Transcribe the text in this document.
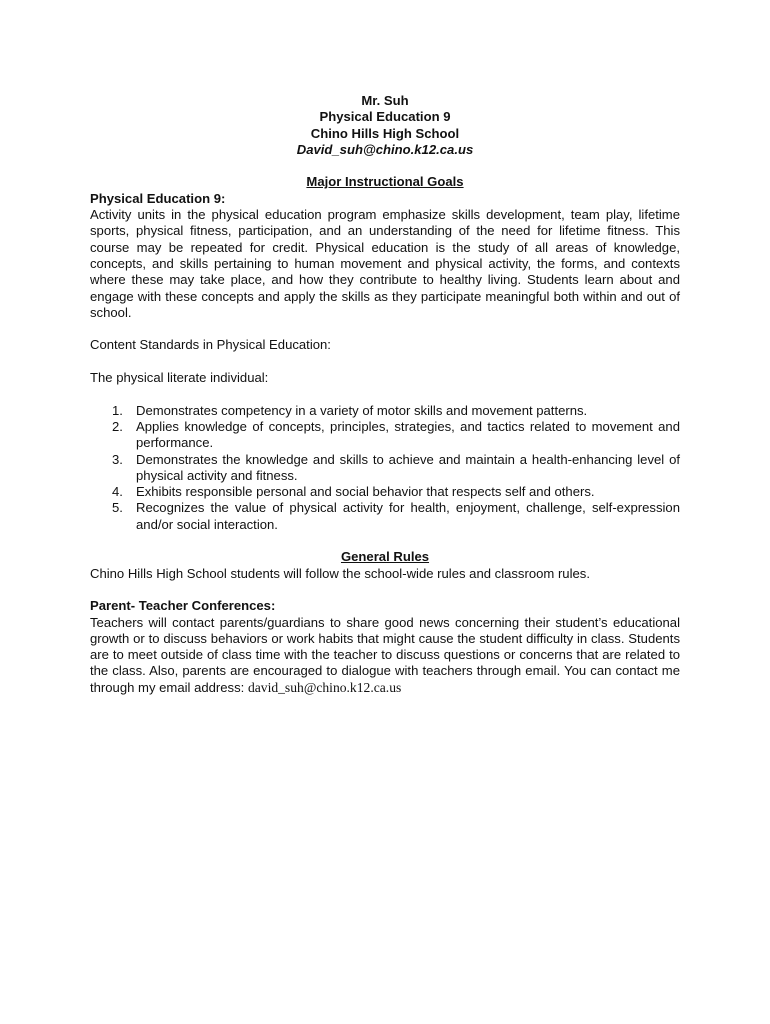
Mr. Suh
Physical Education 9
Chino Hills High School
David_suh@chino.k12.ca.us
Major Instructional Goals
Physical Education 9:

Activity units in the physical education program emphasize skills development, team play, lifetime sports, physical fitness, participation, and an understanding of the need for lifetime fitness. This course may be repeated for credit. Physical education is the study of all areas of knowledge, concepts, and skills pertaining to human movement and physical activity, the forms, and contexts where these may take place, and how they contribute to healthy living. Students learn about and engage with these concepts and apply the skills as they participate meaningful both within and out of school.

Content Standards in Physical Education:

The physical literate individual:

1. Demonstrates competency in a variety of motor skills and movement patterns.
2. Applies knowledge of concepts, principles, strategies, and tactics related to movement and performance.
3. Demonstrates the knowledge and skills to achieve and maintain a health-enhancing level of physical activity and fitness.
4. Exhibits responsible personal and social behavior that respects self and others.
5. Recognizes the value of physical activity for health, enjoyment, challenge, self-expression and/or social interaction.
General Rules

Chino Hills High School students will follow the school-wide rules and classroom rules.

Parent- Teacher Conferences:

Teachers will contact parents/guardians to share good news concerning their student’s educational growth or to discuss behaviors or work habits that might cause the student difficulty in class. Students are to meet outside of class time with the teacher to discuss questions or concerns that are related to the class. Also, parents are encouraged to dialogue with teachers through email. You can contact me through my email address: david_suh@chino.k12.ca.us
